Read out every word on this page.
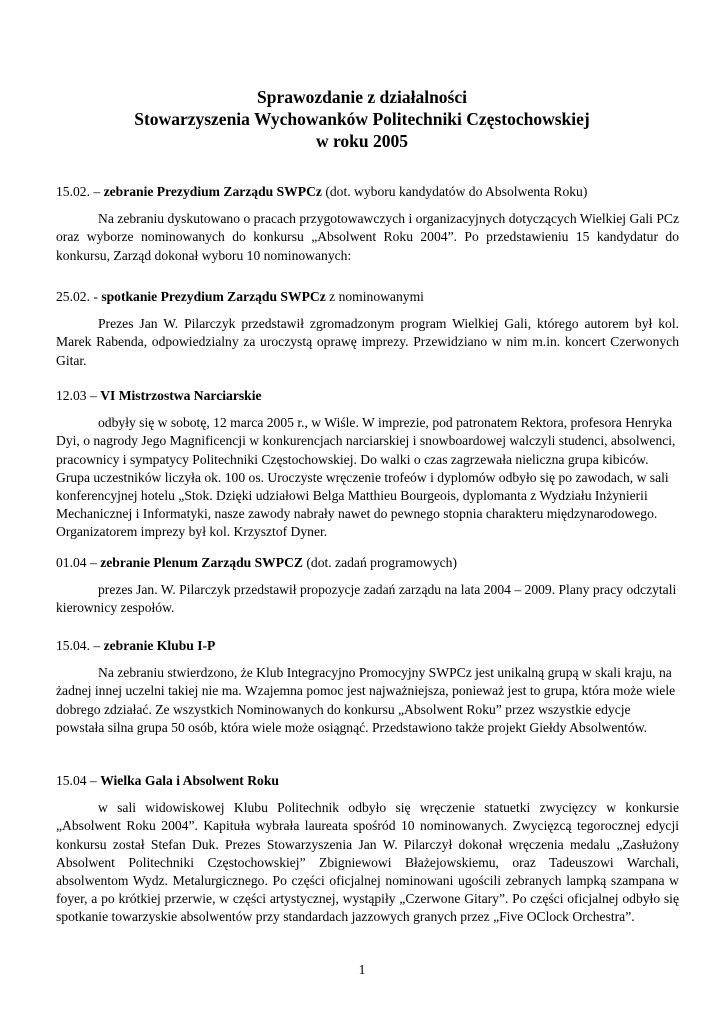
Sprawozdanie z działalności
Stowarzyszenia Wychowanków Politechniki Częstochowskiej
w roku 2005
15.02. – zebranie Prezydium Zarządu SWPCz (dot. wyboru kandydatów do Absolwenta Roku)
Na zebraniu dyskutowano o pracach przygotowawczych i organizacyjnych dotyczących Wielkiej Gali PCz oraz wyborze nominowanych do konkursu „Absolwent Roku 2004”. Po przedstawieniu 15 kandydatur do konkursu, Zarząd dokonał wyboru 10 nominowanych:
25.02. - spotkanie Prezydium Zarządu SWPCz z nominowanymi
Prezes Jan W. Pilarczyk przedstawił zgromadzonym program Wielkiej Gali, którego autorem był kol. Marek Rabenda, odpowiedzialny za uroczystą oprawę imprezy. Przewidziano w nim m.in. koncert Czerwonych Gitar.
12.03 – VI Mistrzostwa Narciarskie
odbyły się w sobotę, 12 marca 2005 r., w Wiśle. W imprezie, pod patronatem Rektora, profesora Henryka Dyi, o nagrody Jego Magnificencji w konkurencjach narciarskiej i snowboardowej walczyli studenci, absolwenci, pracownicy i sympatycy Politechniki Częstochowskiej. Do walki o czas zagrzewała nieliczna grupa kibiców. Grupa uczestników liczyła ok. 100 os. Uroczyste wręczenie trofeów i dyplomów odbyło się po zawodach, w sali konferencyjnej hotelu „Stok. Dzięki udziałowi Belga Matthieu Bourgeois, dyplomanta z Wydziału Inżynierii Mechanicznej i Informatyki, nasze zawody nabrały nawet do pewnego stopnia charakteru międzynarodowego. Organizatorem imprezy był kol. Krzysztof Dyner.
01.04 – zebranie Plenum Zarządu SWPCZ (dot. zadań programowych)
prezes Jan. W. Pilarczyk przedstawił propozycje zadań zarządu na lata 2004 – 2009. Plany pracy odczytali kierownicy zespołów.
15.04. – zebranie Klubu I-P
Na zebraniu stwierdzono, że Klub Integracyjno Promocyjny SWPCz jest unikalną grupą w skali kraju, na żadnej innej uczelni takiej nie ma. Wzajemna pomoc jest najważniejsza, ponieważ jest to grupa, która może wiele dobrego zdziałać. Ze wszystkich Nominowanych do konkursu „Absolwent Roku” przez wszystkie edycje powstała silna grupa 50 osób, która wiele może osiągnąć. Przedstawiono także projekt Giełdy Absolwentów.
15.04 – Wielka Gala i Absolwent Roku
w sali widowiskowej Klubu Politechnik odbyło się wręczenie statuetki zwycięzcy w konkursie „Absolwent Roku 2004”. Kapituła wybrała laureata spośród 10 nominowanych. Zwycięzcą tegorocznej edycji konkursu został Stefan Duk. Prezes Stowarzyszenia Jan W. Pilarczył dokonał wręczenia medalu „Zasłużony Absolwent Politechniki Częstochowskiej” Zbigniewowi Błażejowskiemu, oraz Tadeuszowi Warchali, absolwentom Wydz. Metalurgicznego. Po części oficjalnej nominowani ugościli zebranych lampką szampana w foyer, a po krótkiej przerwie, w części artystycznej, wystąpiły „Czerwone Gitary”. Po części oficjalnej odbyło się spotkanie towarzyskie absolwentów przy standardach jazzowych granych przez „Five OClock Orchestra”.
1
